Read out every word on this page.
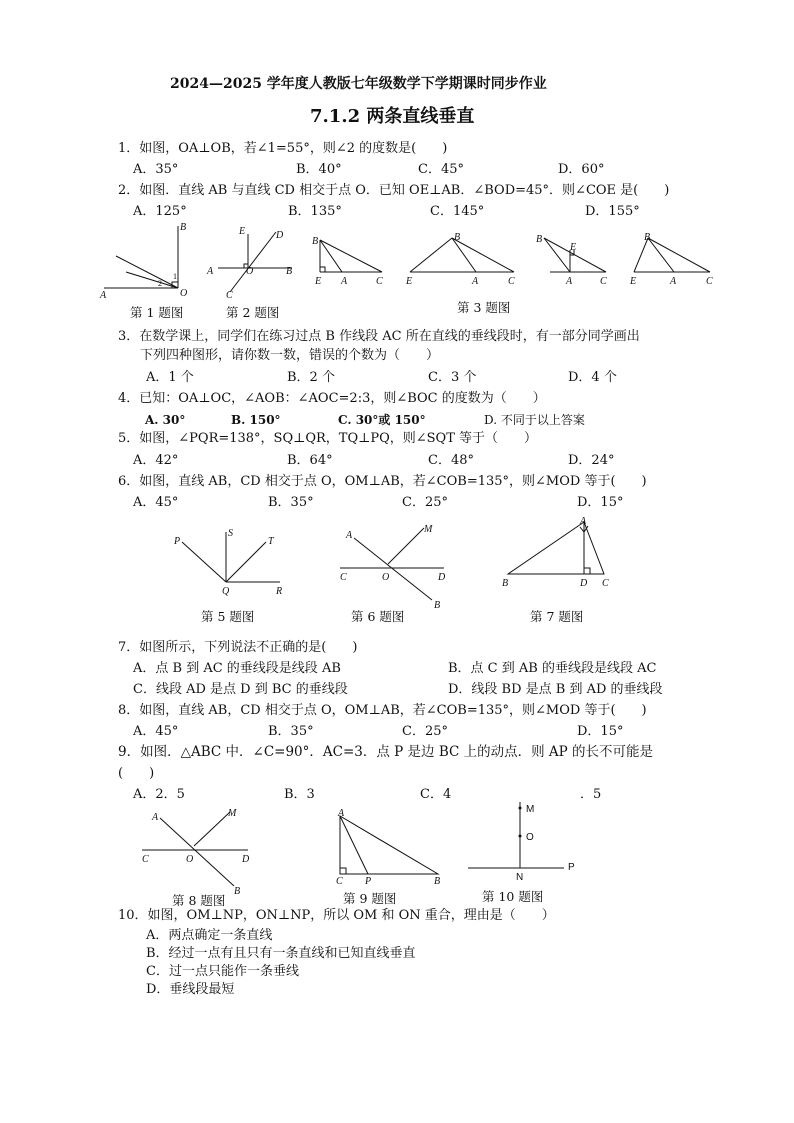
2024—2025 学年度人教版七年级数学下学期课时同步作业
7.1.2 两条直线垂直
1．如图，OA⊥OB，若∠1=55°，则∠2 的度数是(　　)
A．35°	B．40°	C．45°	D．60°
2．如图．直线 AB 与直线 CD 相交于点 O．已知 OE⊥AB．∠BOD=45°．则∠COE 是(　　)
A．125°	B．135°	C．145°	D．155°
B
A	O
2
1
E	D
A	O	B
C
B
E A	C
B
E	A	C
B
E
A	C
B
E	A	C
第 1 题图	第 2 题图	第 3 题图
3．在数学课上，同学们在练习过点 B 作线段 AC 所在直线的垂线段时，有一部分同学画出
下列四种图形，请你数一数，错误的个数为（　　）
A．1 个	B．2 个	C．3 个	D．4 个
4．已知：OA⊥OC，∠AOB：∠AOC=2:3，则∠BOC 的度数为（　　）
A. 30°	B. 150°	C. 30°或 150°	D. 不同于以上答案
5．如图，∠PQR=138°，SQ⊥QR，TQ⊥PQ，则∠SQT 等于（　　）
A．42°	B．64°	C．48°	D．24°
6．如图，直线 AB，CD 相交于点 O，OM⊥AB，若∠COB=135°，则∠MOD 等于(　　)
A．45°	B．35°	C．25°	D．15°
P
S
T
Q	R
A
M
C	O	D
B
A
B	D C
第 5 题图	第 6 题图	第 7 题图
7．如图所示，下列说法不正确的是(　　)
A．点 B 到 AC 的垂线段是线段 AB	B．点 C 到 AB 的垂线段是线段 AC
C．线段 AD 是点 D 到 BC 的垂线段	D．线段 BD 是点 B 到 AD 的垂线段
8．如图，直线 AB，CD 相交于点 O，OM⊥AB，若∠COB=135°，则∠MOD 等于(　　)
A．45°	B．35°	C．25°	D．15°
9．如图．△ABC 中．∠C=90°．AC=3．点 P 是边 BC 上的动点．则 AP 的长不可能是
(　　)
A．2．5	B．3	C．4	．5
A	M
C	O	D
B
A
C P	B
M
O
N
P
第 8 题图	第 9 题图	第 10 题图
10．如图，OM⊥NP，ON⊥NP，所以 OM 和 ON 重合，理由是（　　）
A．两点确定一条直线
B．经过一点有且只有一条直线和已知直线垂直
C．过一点只能作一条垂线
D．垂线段最短
